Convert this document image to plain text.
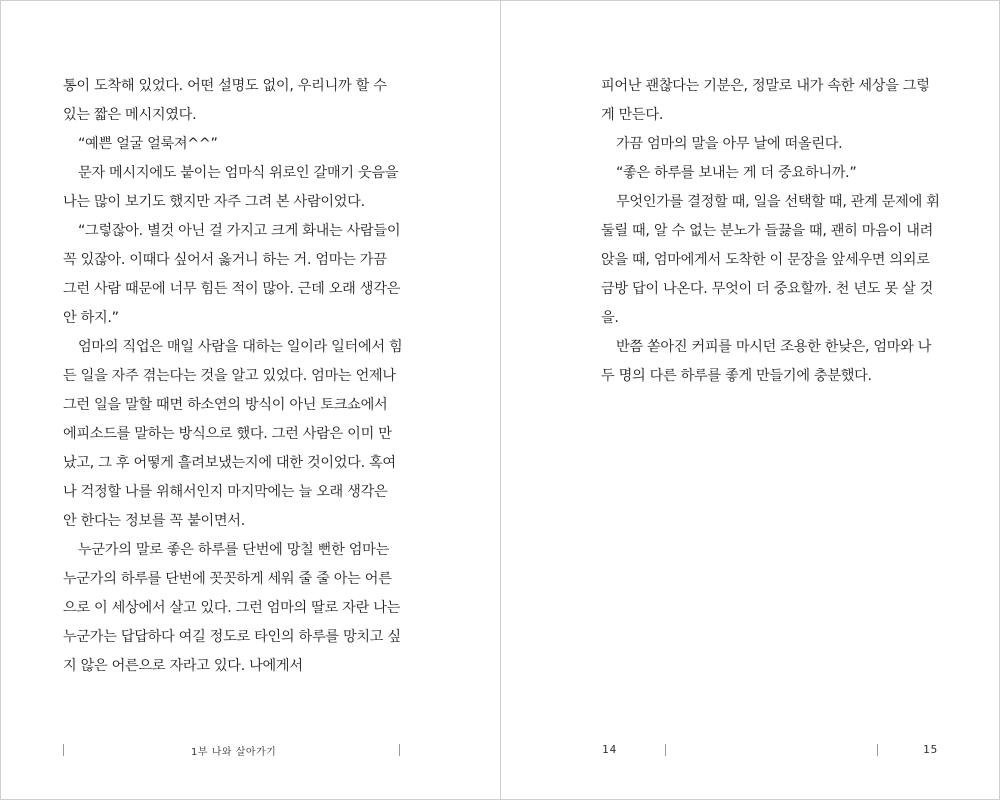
통이 도착해 있었다. 어떤 설명도 없이, 우리니까 할 수 있는 짧은 메시지였다.

“예쁜 얼굴 얼룩져^^”

문자 메시지에도 붙이는 엄마식 위로인 갈매기 웃음을 나는 많이 보기도 했지만 자주 그려 본 사람이었다.

“그렇잖아. 별것 아닌 걸 가지고 크게 화내는 사람들이 꼭 있잖아. 이때다 싶어서 옳거니 하는 거. 엄마는 가끔 그런 사람 때문에 너무 힘든 적이 많아. 근데 오래 생각은 안 하지.”

엄마의 직업은 매일 사람을 대하는 일이라 일터에서 힘든 일을 자주 겪는다는 것을 알고 있었다. 엄마는 언제나 그런 일을 말할 때면 하소연의 방식이 아닌 토크쇼에서 에피소드를 말하는 방식으로 했다. 그런 사람은 이미 만났고, 그 후 어떻게 흘려보냈는지에 대한 것이었다. 혹여나 걱정할 나를 위해서인지 마지막에는 늘 오래 생각은 안 한다는 정보를 꼭 붙이면서.

누군가의 말로 좋은 하루를 단번에 망칠 뻔한 엄마는 누군가의 하루를 단번에 꼿꼿하게 세워 줄 줄 아는 어른으로 이 세상에서 살고 있다. 그런 엄마의 딸로 자란 나는 누군가는 답답하다 여길 정도로 타인의 하루를 망치고 싶지 않은 어른으로 자라고 있다. 나에게서

피어난 괜찮다는 기분은, 정말로 내가 속한 세상을 그렇게 만든다.

가끔 엄마의 말을 아무 날에 떠올린다.

“좋은 하루를 보내는 게 더 중요하니까.”

무엇인가를 결정할 때, 일을 선택할 때, 관계 문제에 휘둘릴 때, 알 수 없는 분노가 들끓을 때, 괜히 마음이 내려앉을 때, 엄마에게서 도착한 이 문장을 앞세우면 의외로 금방 답이 나온다. 무엇이 더 중요할까. 천 년도 못 살 것을.

반쯤 쏟아진 커피를 마시던 조용한 한낮은, 엄마와 나 두 명의 다른 하루를 좋게 만들기에 충분했다.

1부 나와 살아가기	14	15
